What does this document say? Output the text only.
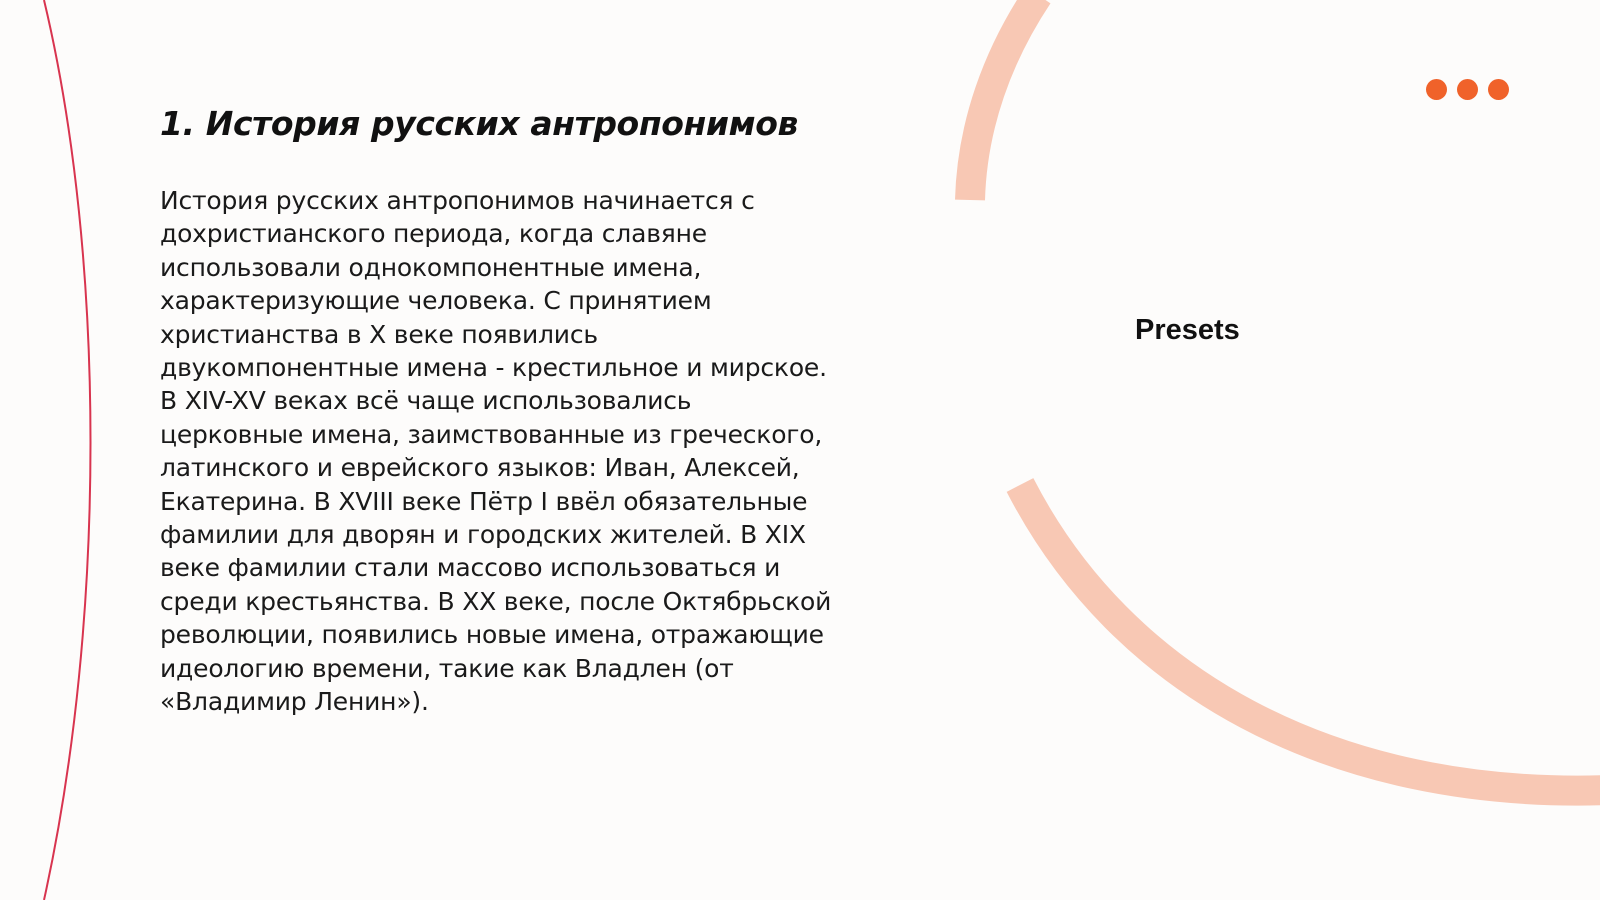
1. История русских антропонимов

История русских антропонимов начинается с дохристианского периода, когда славяне использовали однокомпонентные имена, характеризующие человека. С принятием христианства в X веке появились двукомпонентные имена - крестильное и мирское. В XIV-XV веках всё чаще использовались церковные имена, заимствованные из греческого, латинского и еврейского языков: Иван, Алексей, Екатерина. В XVIII веке Пётр I ввёл обязательные фамилии для дворян и городских жителей. В XIX веке фамилии стали массово использоваться и среди крестьянства. В XX веке, после Октябрьской революции, появились новые имена, отражающие идеологию времени, такие как Владлен (от «Владимир Ленин»).

Presets
